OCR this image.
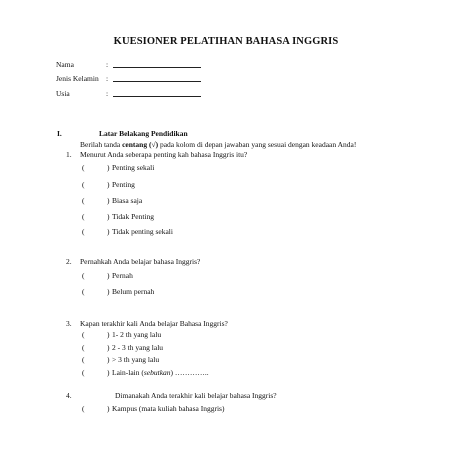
KUESIONER PELATIHAN BAHASA INGGRIS
Nama	:
Jenis Kelamin :
Usia	:
I.	Latar Belakang Pendidikan
Berilah tanda centang (√) pada kolom di depan jawaban yang sesuai dengan keadaan Anda!
1. Menurut Anda seberapa penting kah bahasa Inggris itu?
(	) Penting sekali
(	) Penting
(	) Biasa saja
(	) Tidak Penting
(	) Tidak penting sekali
2. Pernahkah Anda belajar bahasa Inggris?
(	) Pernah
(	) Belum pernah
3. Kapan terakhir kali Anda belajar Bahasa Inggris?
(	) 1- 2 th yang lalu
(	) 2 - 3 th yang lalu
(	) > 3 th yang lalu
(	) Lain-lain (sebutkan) …………..
4.	Dimanakah Anda terakhir kali belajar bahasa Inggris?
(	) Kampus (mata kuliah bahasa Inggris)
